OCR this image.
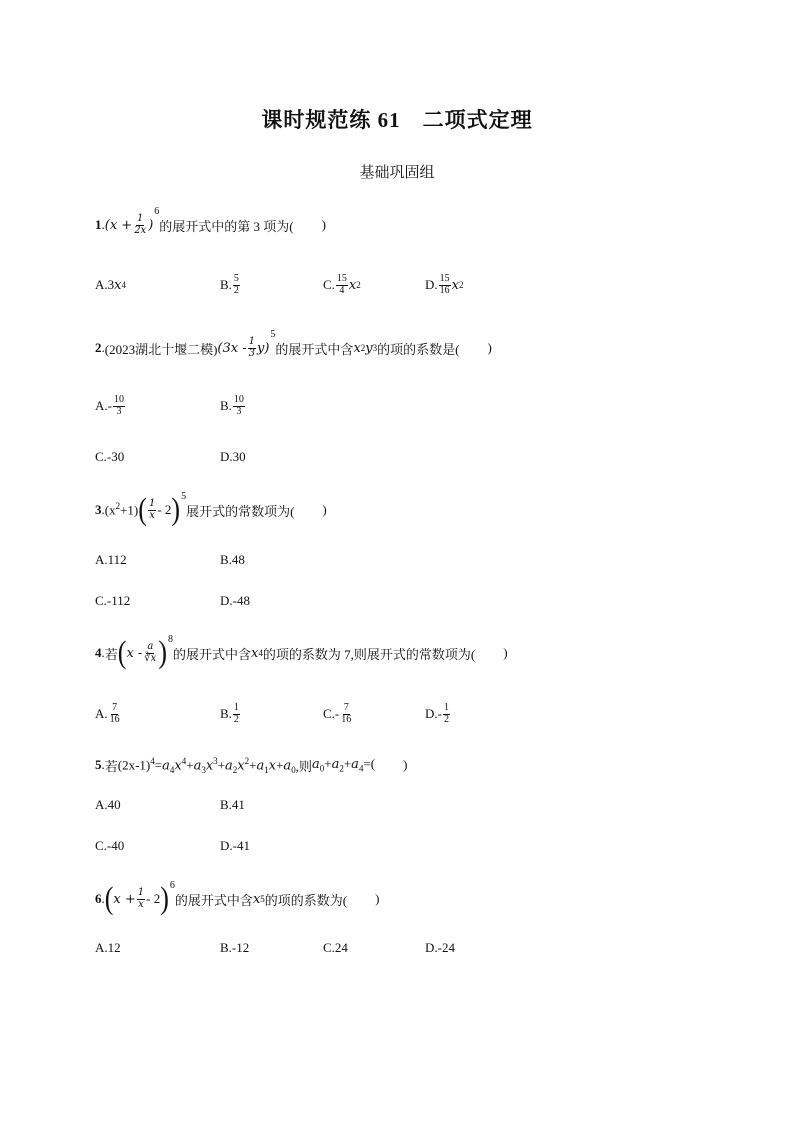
课时规范练 61 二项式定理
基础巩固组
1 . ($x + \frac{1}{2x}$ )
6
的展开式中的第 3 项为( )
A.3 x 4	B. 5
2	C. 15
4 x 2	D. 15
16 x 2
2 . (2023湖北十堰二模) (3x - 1
3 y)
5
的展开式中含 x 2 y 3 的项的系数是( )
A.- 10
3	B. 10
3
C.-30	D.30
3 . $(x^2+1)$ ( 1
x - 2 ) 5
展开式的常数项为( )
A.112	B.48
C.-112	D.-48
4 . 若 ( x - a
∛x ) 8
的展开式中含 x 4 的项的系数为 7,则展开式的常数项为( )
A. 7
16	B. 1
2	C.- 7
16	D.- 1
2
5 . 若 $(2x-1)^4=a_4x^4+a_3x^3+a_2x^2+a_1x+a_0$ ,则 $a_0+a_2+a_4=$( )
A.40	B.41
C.-40	D.-41
6 . ( $x + \frac{1}{x} - 2$ ) 6
的展开式中含 x 5 的项的系数为( )
A.12	B.-12	C.24	D.-24
